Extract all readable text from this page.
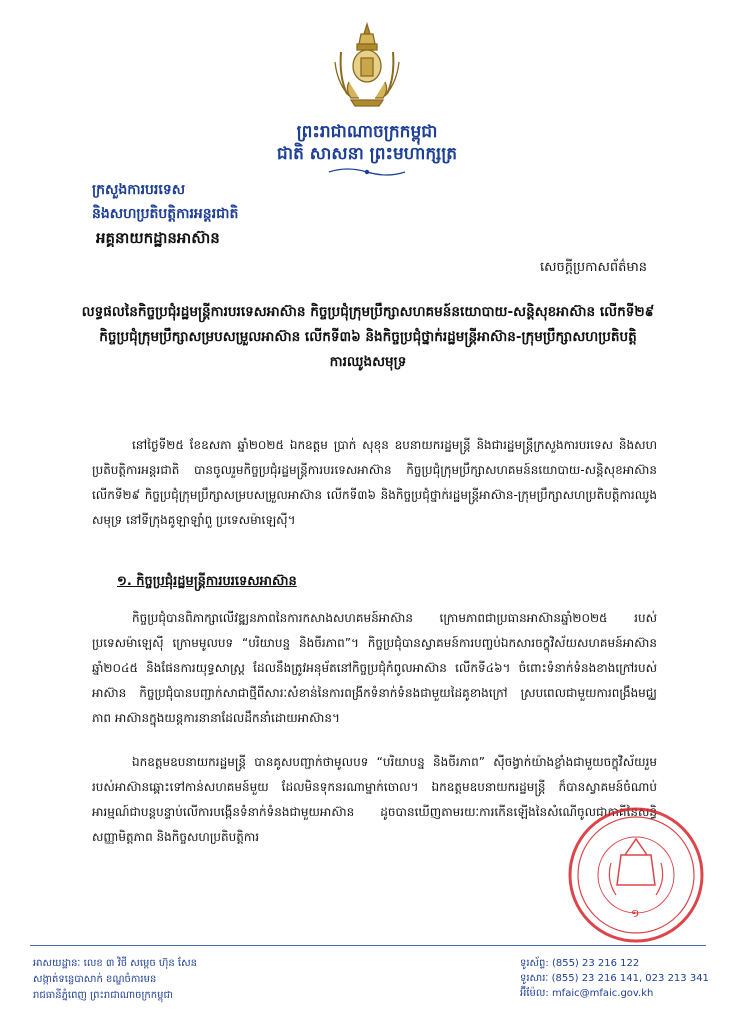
ព្រះរាជាណាចក្រកម្ពុជា
ជាតិ សាសនា ព្រះមហាក្សត្រ
ក្រសួងការបរទេស
និងសហប្រតិបត្តិការអន្តរជាតិ
អគ្គនាយកដ្ឋានអាស៊ាន
សេចក្តីប្រកាសព័ត៌មាន
លទ្ធផលនៃកិច្ចប្រជុំរដ្ឋមន្ត្រីការបរទេសអាស៊ាន កិច្ចប្រជុំក្រុមប្រឹក្សាសហគមន៍នយោបាយ-សន្តិសុខអាស៊ាន លើកទី២៩ កិច្ចប្រជុំក្រុមប្រឹក្សាសម្របសម្រួលអាស៊ាន លើកទី៣៦ និងកិច្ចប្រជុំថ្នាក់រដ្ឋមន្ត្រីអាស៊ាន-ក្រុមប្រឹក្សាសហប្រតិបត្តិការឈូងសមុទ្រ
នៅថ្ងៃទី២៥ ខែឧសភា ឆ្នាំ២០២៥ ឯកឧត្តម ប្រាក់ សុខុន ឧបនាយករដ្ឋមន្ត្រី និងជារដ្ឋមន្ត្រីក្រសួងការបរទេស និងសហប្រតិបត្តិការអន្តរជាតិ បានចូលរួមកិច្ចប្រជុំរដ្ឋមន្ត្រីការបរទេសអាស៊ាន កិច្ចប្រជុំក្រុមប្រឹក្សាសហគមន៍នយោបាយ-សន្តិសុខអាស៊ាន លើកទី២៩ កិច្ចប្រជុំក្រុមប្រឹក្សាសម្របសម្រួលអាស៊ាន លើកទី៣៦ និងកិច្ចប្រជុំថ្នាក់រដ្ឋមន្ត្រីអាស៊ាន-ក្រុមប្រឹក្សាសហប្រតិបត្តិការឈូងសមុទ្រ នៅទីក្រុងគូឡាឡាំពួ ប្រទេសម៉ាឡេស៊ី។
១. កិច្ចប្រជុំរដ្ឋមន្ត្រីការបរទេសអាស៊ាន
កិច្ចប្រជុំបានពិភាក្សាលើវឌ្ឍនភាពនៃការកសាងសហគមន៍អាស៊ាន ក្រោមភាពជាប្រធានអាស៊ានឆ្នាំ២០២៥ របស់ប្រទេសម៉ាឡេស៊ី ក្រោមមូលបទ “បរិយាបន្ន និងចីរភាព”។ កិច្ចប្រជុំបានស្វាគមន៍ការបញ្ចប់ឯកសារចក្ខុវិស័យសហគមន៍អាស៊ានឆ្នាំ២០៤៥ និងផែនការយុទ្ធសាស្ត្រ ដែលនឹងត្រូវអនុម័តនៅកិច្ចប្រជុំកំពូលអាស៊ាន លើកទី៤៦។ ចំពោះទំនាក់ទំនងខាងក្រៅរបស់អាស៊ាន កិច្ចប្រជុំបានបញ្ជាក់សាជាថ្មីពីសារៈសំខាន់នៃការពង្រីកទំនាក់ទំនងជាមួយដៃគូខាងក្រៅ ស្របពេលជាមួយការពង្រឹងមជ្ឈភាព អាស៊ានក្នុងយន្តការនានាដែលដឹកនាំដោយអាស៊ាន។
ឯកឧត្តមឧបនាយករដ្ឋមន្ត្រី បានគូសបញ្ជាក់ថាមូលបទ “បរិយាបន្ន និងចីរភាព” ស៊ីចង្វាក់យ៉ាងខ្លាំងជាមួយចក្ខុវិស័យរួមរបស់អាស៊ានឆ្ពោះទៅកាន់សហគមន៍មួយ ដែលមិនទុកនរណាម្នាក់ចោល។ ឯកឧត្តមឧបនាយករដ្ឋមន្ត្រី ក៏បានស្វាគមន៍ចំណាប់អារម្មណ៍ជាបន្តបន្ទាប់លើការបង្កើនទំនាក់ទំនងជាមួយអាស៊ាន ដូចបានឃើញតាមរយៈការកើនឡើងនៃសំណើចូលជាភាគីនៃសន្ធិសញ្ញាមិត្តភាព និងកិច្ចសហប្រតិបត្តិការ
១
អាសយដ្ឋានៈ លេខ ៣ វិថី សម្តេច ហ៊ុន សែន
សង្កាត់ទន្លេបាសាក់ ខណ្ឌចំការមន
រាជធានីភ្នំពេញ ព្រះរាជាណាចក្រកម្ពុជា
ទូរស័ព្ទ: (855) 23 216 122
ទូរសារៈ (855) 23 216 141, 023 213 341
អ៊ីម៉ែល: mfaic@mfaic.gov.kh
